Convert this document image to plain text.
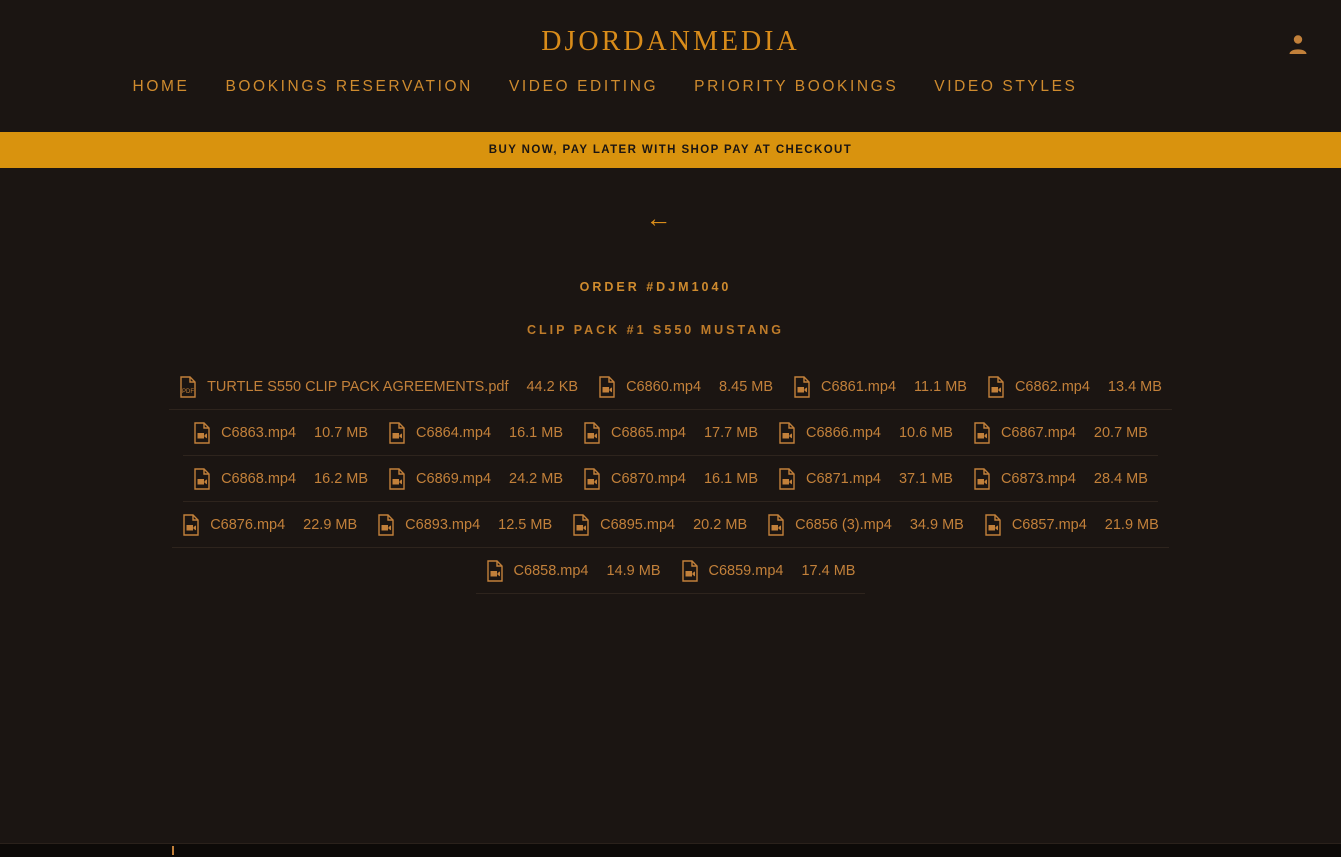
DJORDANMEDIA
HOME	BOOKINGS RESERVATION	VIDEO EDITING	PRIORITY BOOKINGS	VIDEO STYLES
BUY NOW, PAY LATER WITH SHOP PAY AT CHECKOUT
←
ORDER #DJM1040
CLIP PACK #1 S550 MUSTANG
PDF TURTLE S550 CLIP PACK AGREEMENTS.pdf 44.2 KB	C6860.mp4 8.45 MB	C6861.mp4 11.1 MB	C6862.mp4 13.4 MB
C6863.mp4 10.7 MB	C6864.mp4 16.1 MB	C6865.mp4 17.7 MB	C6866.mp4 10.6 MB	C6867.mp4 20.7 MB
C6868.mp4 16.2 MB	C6869.mp4 24.2 MB	C6870.mp4 16.1 MB	C6871.mp4 37.1 MB	C6873.mp4 28.4 MB
C6876.mp4 22.9 MB	C6893.mp4 12.5 MB	C6895.mp4 20.2 MB	C6856 (3).mp4 34.9 MB	C6857.mp4 21.9 MB
C6858.mp4 14.9 MB	C6859.mp4 17.4 MB
